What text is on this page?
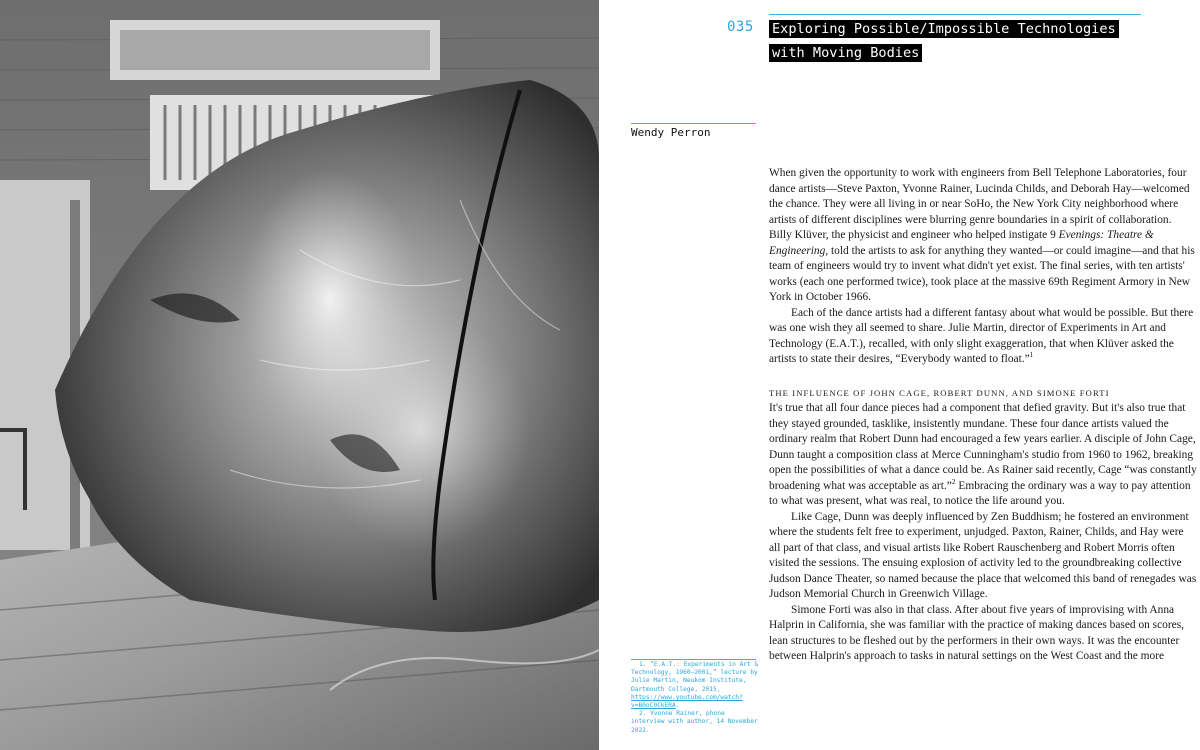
035 Exploring Possible/Impossible Technologies
with Moving Bodies
Wendy Perron

When given the opportunity to work with engineers from Bell Telephone Laboratories, four dance artists—Steve Paxton, Yvonne Rainer, Lucinda Childs, and Deborah Hay—welcomed the chance. They were all living in or near SoHo, the New York City neighborhood where artists of different disciplines were blurring genre boundaries in a spirit of collaboration. Billy Klüver, the physicist and engineer who helped instigate 9 Evenings: Theatre & Engineering, told the artists to ask for anything they wanted—or could imagine—and that his team of engineers would try to invent what didn't yet exist. The final series, with ten artists' works (each one performed twice), took place at the massive 69th Regiment Armory in New York in October 1966.

Each of the dance artists had a different fantasy about what would be possible. But there was one wish they all seemed to share. Julie Martin, director of Experiments in Art and Technology (E.A.T.), recalled, with only slight exaggeration, that when Klüver asked the artists to state their desires, “Everybody wanted to float.”$^1$

THE INFLUENCE OF JOHN CAGE, ROBERT DUNN, AND SIMONE FORTI

It's true that all four dance pieces had a component that defied gravity. But it's also true that they stayed grounded, tasklike, insistently mundane. These four dance artists valued the ordinary realm that Robert Dunn had encouraged a few years earlier. A disciple of John Cage, Dunn taught a composition class at Merce Cunningham's studio from 1960 to 1962, breaking open the possibilities of what a dance could be. As Rainer said recently, Cage “was constantly broadening what was acceptable as art.”$^2$ Embracing the ordinary was a way to pay attention to what was present, what was real, to notice the life around you.

Like Cage, Dunn was deeply influenced by Zen Buddhism; he fostered an environment where the students felt free to experiment, unjudged. Paxton, Rainer, Childs, and Hay were all part of that class, and visual artists like Robert Rauschenberg and Robert Morris often visited the sessions. The ensuing explosion of activity led to the groundbreaking collective Judson Dance Theater, so named because the place that welcomed this band of renegades was Judson Memorial Church in Greenwich Village.

Simone Forti was also in that class. After about five years of improvising with Anna Halprin in California, she was familiar with the practice of making dances based on scores, lean structures to be fleshed out by the performers in their own ways. It was the encounter between Halprin's approach to tasks in natural settings on the West Coast and the more

1. “E.A.T.: Experiments in Art & Technology, 1960–2001,” lecture by Julie Martin, Neukom Institute, Dartmouth College, 2015, https://www.youtube.com/watch?v=B0oC0CkERA.

2. Yvonne Rainer, phone interview with author, 14 November 2022.
